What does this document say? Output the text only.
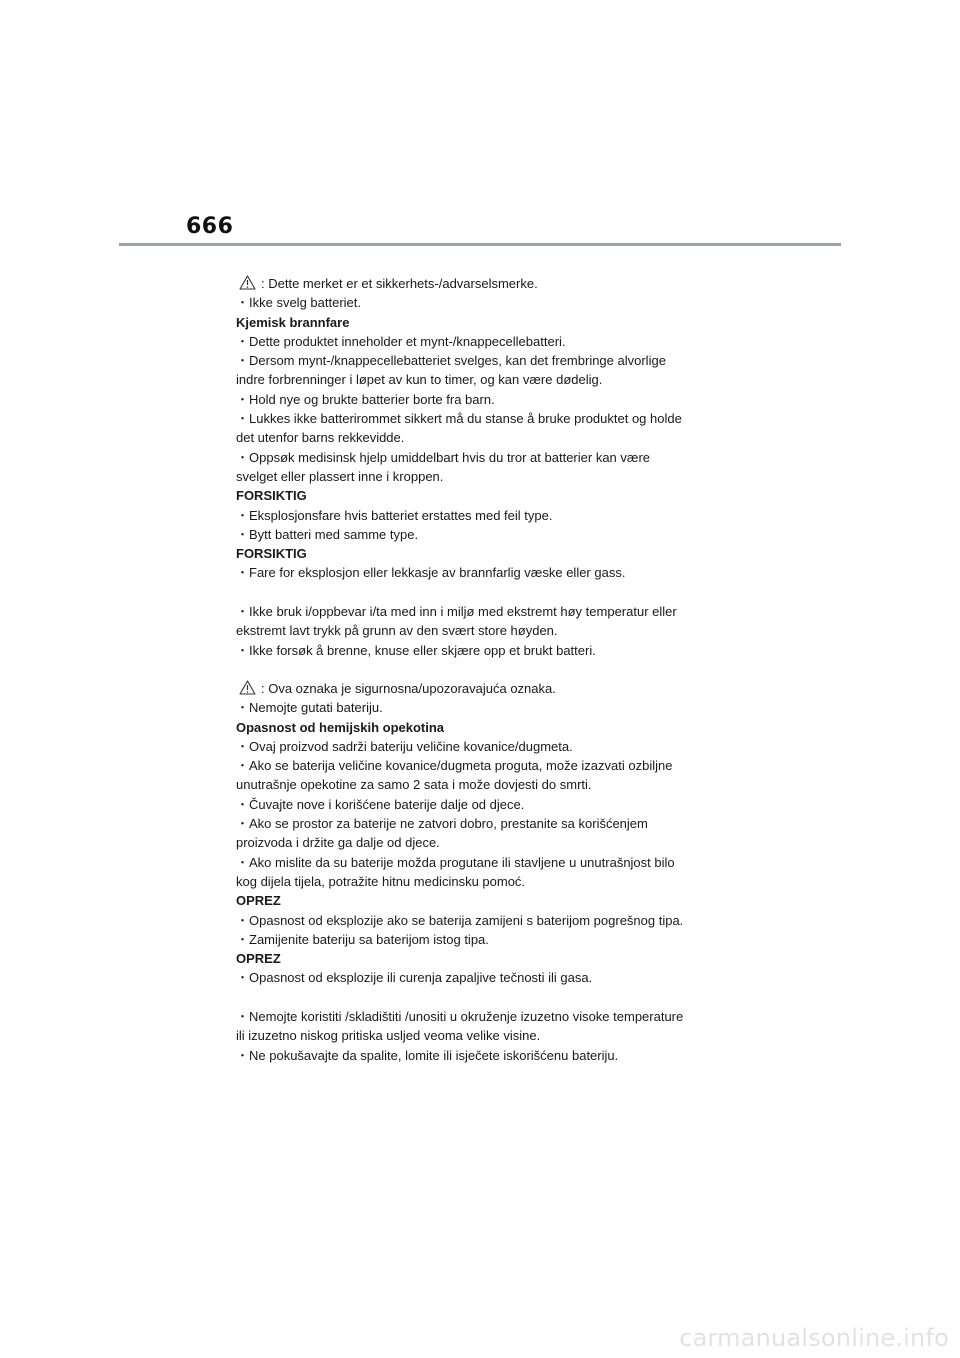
666
: Dette merket er et sikkerhets-/advarselsmerke.
・Ikke svelg batteriet.
Kjemisk brannfare
・Dette produktet inneholder et mynt-/knappecellebatteri.
・Dersom mynt-/knappecellebatteriet svelges, kan det frembringe alvorlige
indre forbrenninger i løpet av kun to timer, og kan være dødelig.
・Hold nye og brukte batterier borte fra barn.
・Lukkes ikke batterirommet sikkert må du stanse å bruke produktet og holde
det utenfor barns rekkevidde.
・Oppsøk medisinsk hjelp umiddelbart hvis du tror at batterier kan være
svelget eller plassert inne i kroppen.
FORSIKTIG
・Eksplosjonsfare hvis batteriet erstattes med feil type.
・Bytt batteri med samme type.
FORSIKTIG
・Fare for eksplosjon eller lekkasje av brannfarlig væske eller gass.
・Ikke bruk i/oppbevar i/ta med inn i miljø med ekstremt høy temperatur eller
ekstremt lavt trykk på grunn av den svært store høyden.
・Ikke forsøk å brenne, knuse eller skjære opp et brukt batteri.
: Ova oznaka je sigurnosna/upozoravajuća oznaka.
・Nemojte gutati bateriju.
Opasnost od hemijskih opekotina
・Ovaj proizvod sadrži bateriju veličine kovanice/dugmeta.
・Ako se baterija veličine kovanice/dugmeta proguta, može izazvati ozbiljne
unutrašnje opekotine za samo 2 sata i može dovjesti do smrti.
・Čuvajte nove i korišćene baterije dalje od djece.
・Ako se prostor za baterije ne zatvori dobro, prestanite sa korišćenjem
proizvoda i držite ga dalje od djece.
・Ako mislite da su baterije možda progutane ili stavljene u unutrašnjost bilo
kog dijela tijela, potražite hitnu medicinsku pomoć.
OPREZ
・Opasnost od eksplozije ako se baterija zamijeni s baterijom pogrešnog tipa.
・Zamijenite bateriju sa baterijom istog tipa.
OPREZ
・Opasnost od eksplozije ili curenja zapaljive tečnosti ili gasa.
・Nemojte koristiti /skladištiti /unositi u okruženje izuzetno visoke temperature
ili izuzetno niskog pritiska usljed veoma velike visine.
・Ne pokušavajte da spalite, lomite ili isječete iskorišćenu bateriju.
carmanualsonline.info
